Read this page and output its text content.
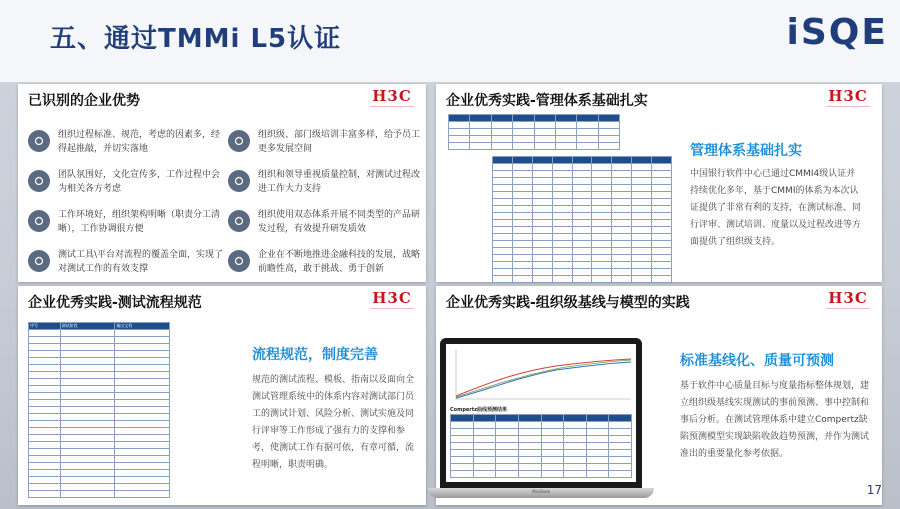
五、通过TMMi L5认证	iSQE
已识别的企业优势	H3C
———————————
组织过程标准、规范，考虑的因素多，经得起推敲，并切实落地
组织级、部门级培训丰富多样，给予员工更多发展空间
团队氛围好，文化宣传多，工作过程中会为相关各方考虑
组织和领导重视质量控制，对测试过程改进工作大力支持
工作环境好，组织架构明晰（职责分工清晰），工作协调很方便
组织使用双态体系开展不同类型的产品研发过程，有效提升研发质效
测试工具\平台对流程的覆盖全面，实现了对测试工作的有效支撑
企业在不断地推进金融科技的发展，战略前瞻性高，敢于挑战、勇于创新
企业优秀实践-管理体系基础扎实	H3C
———————————

管理体系基础扎实
中国银行软件中心已通过CMMI4级认证并持续优化多年，基于CMMI的体系为本次认证提供了非常有利的支持，在测试标准、同行评审、测试培训、度量以及过程改进等方面提供了组织级支持。
企业优秀实践-测试流程规范	H3C
———————————
序号	测试阶段	输出文档

流程规范，制度完善
规范的测试流程、模板、指南以及面向全测试管理系统中的体系内容对测试部门员工的测试计划、风险分析、测试实施及同行评审等工作形成了强有力的支撑和参考，使测试工作有据可依，有章可循，流程明晰，职责明确。
企业优秀实践-组织级基线与模型的实践	H3C
———————————
标准基线化、质量可预测
基于软件中心质量目标与度量指标整体规划，建立组织级基线实现测试的事前预测、事中控制和事后分析。在测试管理体系中建立Compertz缺陷预测模型实现缺陷收敛趋势预测，并作为测试准出的重要量化参考依据。
Compertz曲线预测结果

MacBook	17
